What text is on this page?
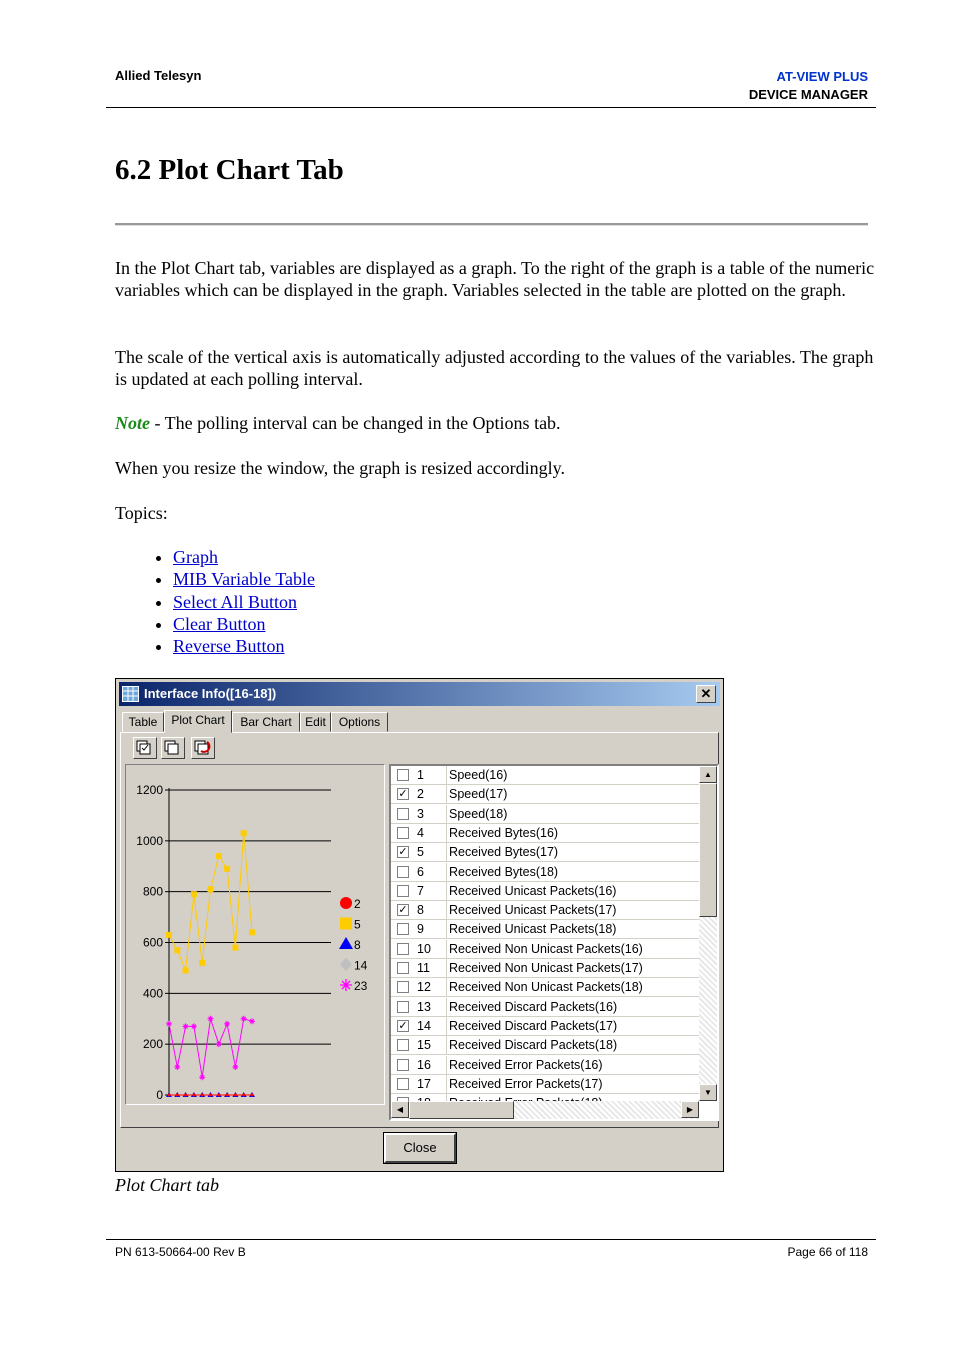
Allied Telesyn	AT-VIEW PLUS
DEVICE MANAGER
6.2 Plot Chart Tab

In the Plot Chart tab, variables are displayed as a graph. To the right of the graph is a table of the numeric variables which can be displayed in the graph. Variables selected in the table are plotted on the graph.

The scale of the vertical axis is automatically adjusted according to the values of the variables. The graph is updated at each polling interval.

Note - The polling interval can be changed in the Options tab.

When you resize the window, the graph is resized accordingly.

Topics:

• Graph
• MIB Variable Table
• Select All Button
• Clear Button
• Reverse Button
Interface Info([16-18])	✕
Table	Plot Chart	Bar Chart	Edit	Options
0
200
400
600
800
1000
1200
2
5
8
14
23
1 Speed(16)
✓ 2 Speed(17)
3 Speed(18)
4 Received Bytes(16)
✓ 5 Received Bytes(17)
6 Received Bytes(18)
7 Received Unicast Packets(16)
✓ 8 Received Unicast Packets(17)
9 Received Unicast Packets(18)
10 Received Non Unicast Packets(16)
11 Received Non Unicast Packets(17)
12 Received Non Unicast Packets(18)
13 Received Discard Packets(16)
✓ 14 Received Discard Packets(17)
15 Received Discard Packets(18)
16 Received Error Packets(16)
17 Received Error Packets(17)
▲
▼
◀	▶
Close
Plot Chart tab
PN 613-50664-00 Rev B	Page 66 of 118
